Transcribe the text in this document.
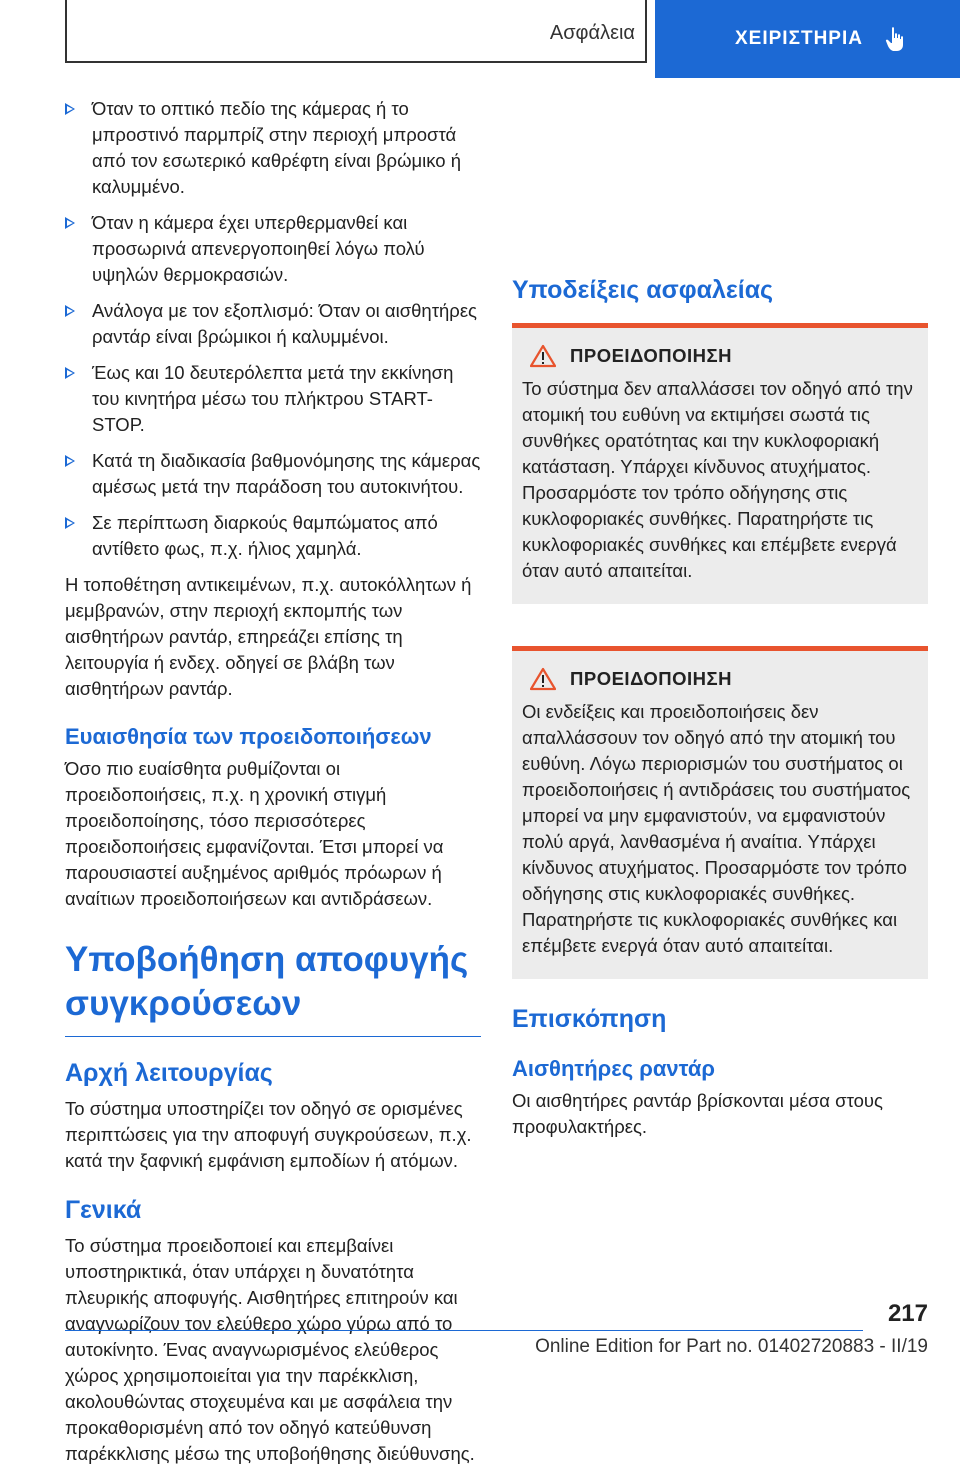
Ασφάλεια	ΧΕΙΡΙΣΤΗΡΙΑ
Όταν το οπτικό πεδίο της κάμερας ή το μπροστινό παρμπρίζ στην περιοχή μπροστά από τον εσωτερικό καθρέφτη είναι βρώμικο ή καλυμμένο.
Όταν η κάμερα έχει υπερθερμανθεί και προσωρινά απενεργοποιηθεί λόγω πολύ υψηλών θερμοκρασιών.
Ανάλογα με τον εξοπλισμό: Όταν οι αισθητήρες ραντάρ είναι βρώμικοι ή καλυμμένοι.
Έως και 10 δευτερόλεπτα μετά την εκκίνηση του κινητήρα μέσω του πλήκτρου START-STOP.
Κατά τη διαδικασία βαθμονόμησης της κάμερας αμέσως μετά την παράδοση του αυτοκινήτου.
Σε περίπτωση διαρκούς θαμπώματος από αντίθετο φως, π.χ. ήλιος χαμηλά.

Η τοποθέτηση αντικειμένων, π.χ. αυτοκόλλητων ή μεμβρανών, στην περιοχή εκπομπής των αισθητήρων ραντάρ, επηρεάζει επίσης τη λειτουργία ή ενδεχ. οδηγεί σε βλάβη των αισθητήρων ραντάρ.

Ευαισθησία των προειδοποιήσεων

Όσο πιο ευαίσθητα ρυθμίζονται οι προειδοποιήσεις, π.χ. η χρονική στιγμή προειδοποίησης, τόσο περισσότερες προειδοποιήσεις εμφανίζονται. Έτσι μπορεί να παρουσιαστεί αυξημένος αριθμός πρόωρων ή αναίτιων προειδοποιήσεων και αντιδράσεων.

Υποβοήθηση αποφυγής συγκρούσεων
Αρχή λειτουργίας

Το σύστημα υποστηρίζει τον οδηγό σε ορισμένες περιπτώσεις για την αποφυγή συγκρούσεων, π.χ. κατά την ξαφνική εμφάνιση εμποδίων ή ατόμων.

Γενικά

Το σύστημα προειδοποιεί και επεμβαίνει υποστηρικτικά, όταν υπάρχει η δυνατότητα πλευρικής αποφυγής. Αισθητήρες επιτηρούν και αναγνωρίζουν τον ελεύθερο χώρο γύρω από το αυτοκίνητο. Ένας αναγνωρισμένος ελεύθερος χώρος χρησιμοποιείται για την παρέκκλιση, ακολουθώντας στοχευμένα και με ασφάλεια την προκαθορισμένη από τον οδηγό κατεύθυνση παρέκκλισης μέσω της υποβοήθησης διεύθυνσης.

Υποδείξεις ασφαλείας
ΠΡΟΕΙΔΟΠΟΙΗΣΗ

Το σύστημα δεν απαλλάσσει τον οδηγό από την ατομική του ευθύνη να εκτιμήσει σωστά τις συνθήκες ορατότητας και την κυκλοφοριακή κατάσταση. Υπάρχει κίνδυνος ατυχήματος. Προσαρμόστε τον τρόπο οδήγησης στις κυκλοφοριακές συνθήκες. Παρατηρήστε τις κυκλοφοριακές συνθήκες και επέμβετε ενεργά όταν αυτό απαιτείται.

ΠΡΟΕΙΔΟΠΟΙΗΣΗ

Οι ενδείξεις και προειδοποιήσεις δεν απαλλάσσουν τον οδηγό από την ατομική του ευθύνη. Λόγω περιορισμών του συστήματος οι προειδοποιήσεις ή αντιδράσεις του συστήματος μπορεί να μην εμφανιστούν, να εμφανιστούν πολύ αργά, λανθασμένα ή αναίτια. Υπάρχει κίνδυνος ατυχήματος. Προσαρμόστε τον τρόπο οδήγησης στις κυκλοφοριακές συνθήκες. Παρατηρήστε τις κυκλοφοριακές συνθήκες και επέμβετε ενεργά όταν αυτό απαιτείται.

Επισκόπηση
Αισθητήρες ραντάρ

Οι αισθητήρες ραντάρ βρίσκονται μέσα στους προφυλακτήρες.

217
Online Edition for Part no. 01402720883 - II/19
